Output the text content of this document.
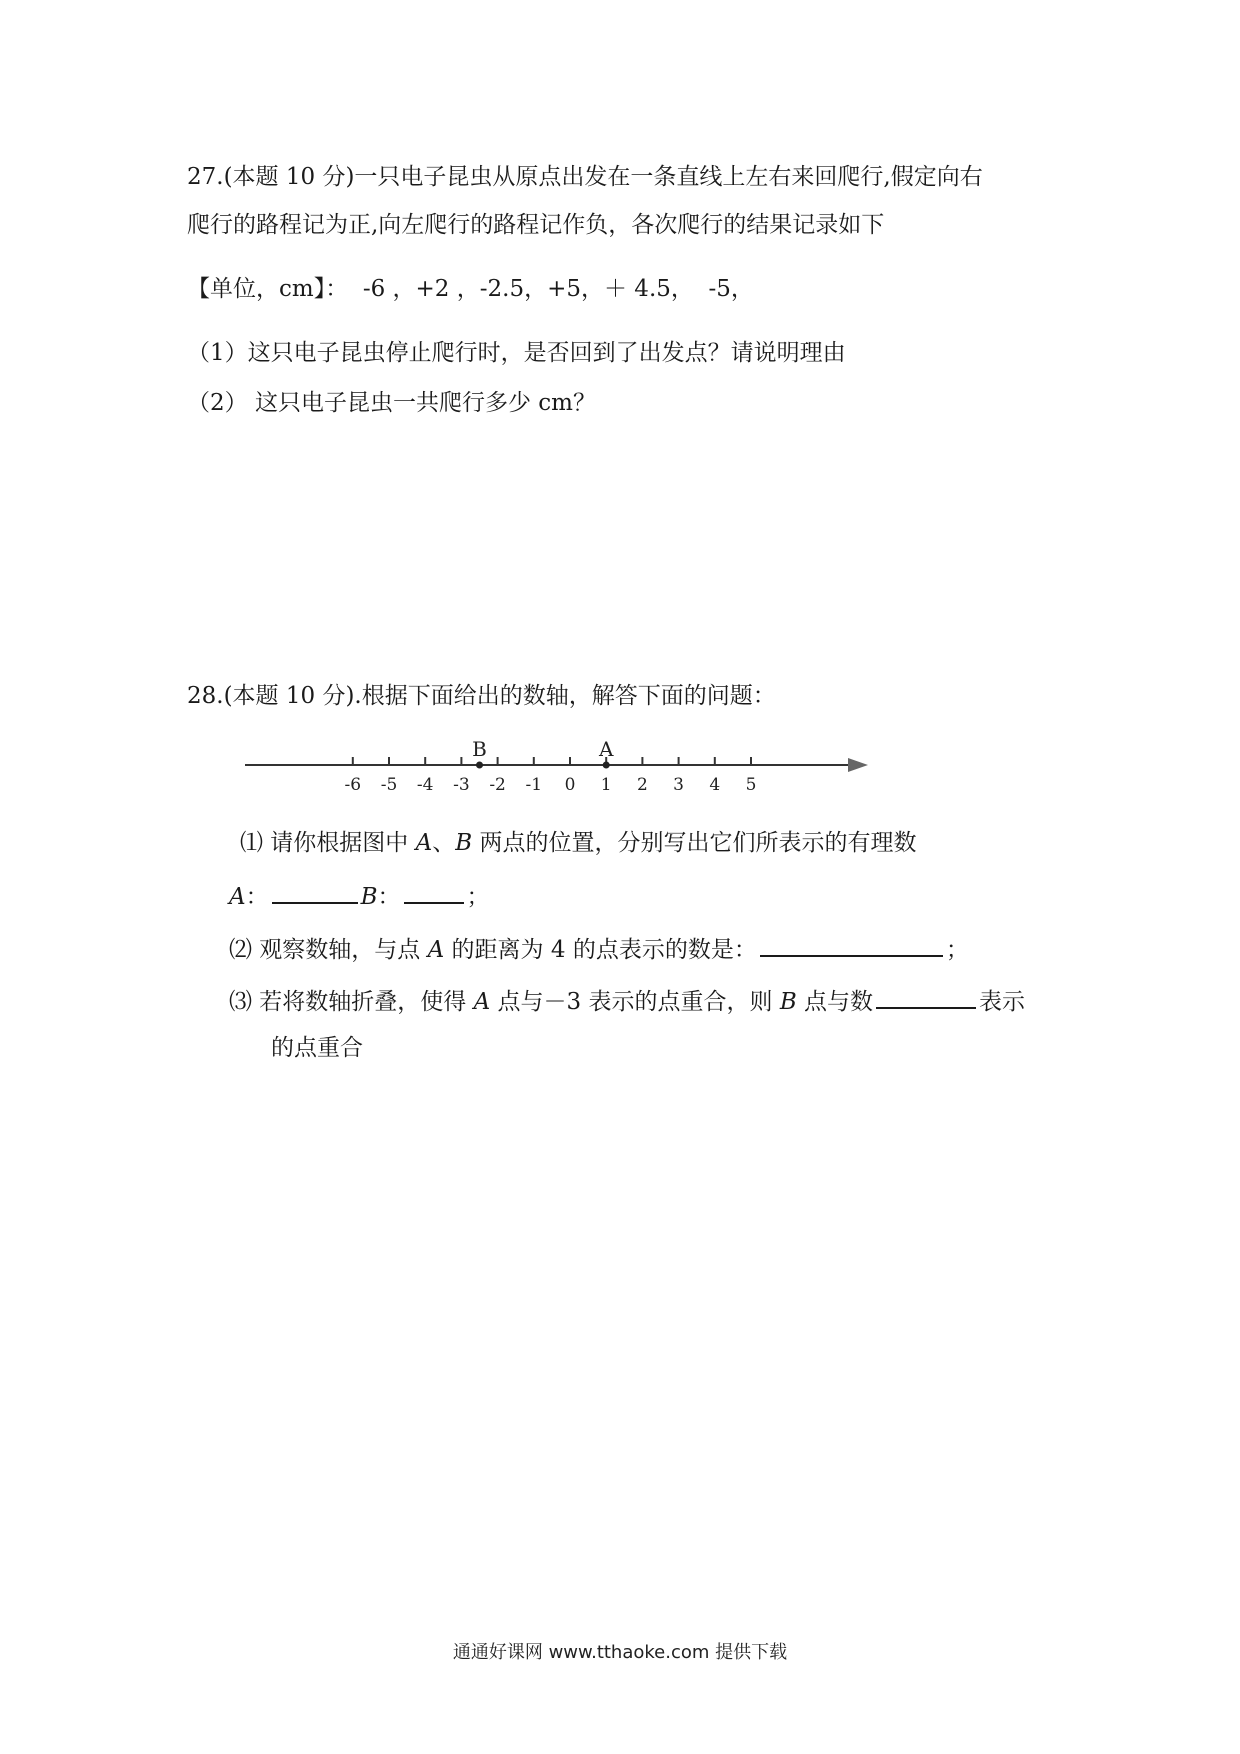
27.(本题 10 分)一只电子昆虫从原点出发在一条直线上左右来回爬行,假定向右
爬行的路程记为正,向左爬行的路程记作负，各次爬行的结果记录如下
【单位，cm】：  -6 ，+2 ，-2.5，+5，＋ 4.5，  -5，
（1）这只电子昆虫停止爬行时，是否回到了出发点？请说明理由
（2） 这只电子昆虫一共爬行多少 cm？
28.(本题 10 分).根据下面给出的数轴，解答下面的问题：
-6 -5 -4 -3 -2 -1 0 1 2 3 4 5
B	A
⑴ 请你根据图中 A、B 两点的位置，分别写出它们所表示的有理数
A：	B：	；
⑵ 观察数轴，与点 A 的距离为 4 的点表示的数是：	；
⑶ 若将数轴折叠，使得 A 点与－3 表示的点重合，则 B 点与数	表示
的点重合
通通好课网 www.tthaoke.com 提供下载
